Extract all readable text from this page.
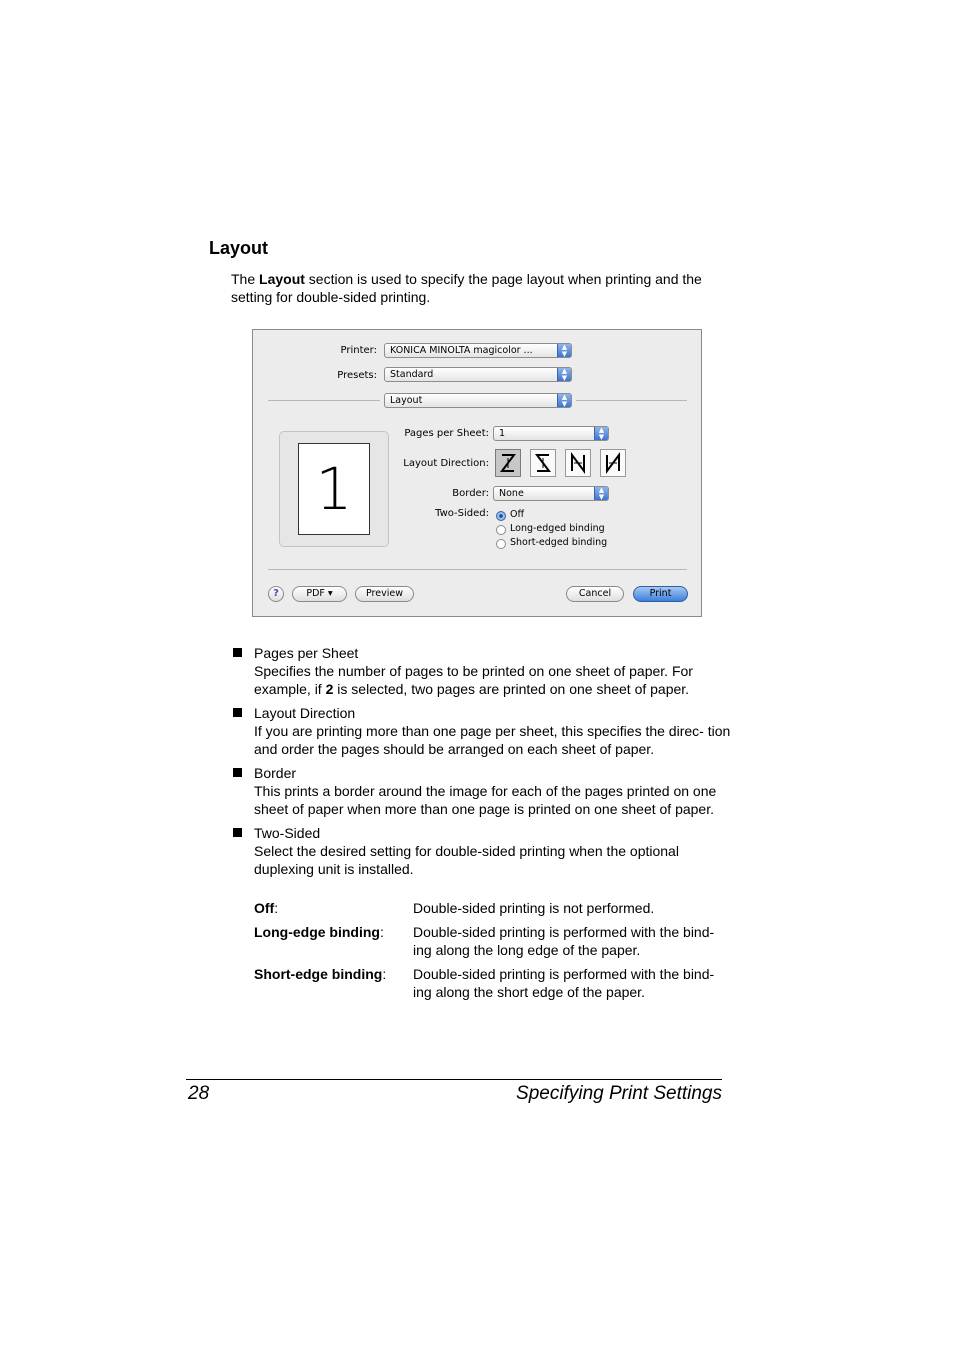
Layout
The Layout section is used to specify the page layout when printing and the setting for double-sided printing.
Printer:	KONICA MINOLTA magicolor ...	▲
▼
Presets:	Standard	▲
▼
Layout	▲
▼
1
Pages per Sheet:	1	▲
▼
Layout Direction:
Border:	None	▲
▼
Two-Sided: Off
Long-edged binding
Short-edged binding
?	PDF ▾	Preview	Cancel	Print
Pages per Sheet
Specifies the number of pages to be printed on one sheet of paper. For example, if 2 is selected, two pages are printed on one sheet of paper.
Layout Direction
If you are printing more than one page per sheet, this specifies the direc- tion and order the pages should be arranged on each sheet of paper.
Border
This prints a border around the image for each of the pages printed on one sheet of paper when more than one page is printed on one sheet of paper.
Two-Sided
Select the desired setting for double-sided printing when the optional duplexing unit is installed.
Off:	Double-sided printing is not performed.
Long-edge binding:	Double-sided printing is performed with the bind- ing along the long edge of the paper.
Short-edge binding:	Double-sided printing is performed with the bind- ing along the short edge of the paper.
28	Specifying Print Settings
